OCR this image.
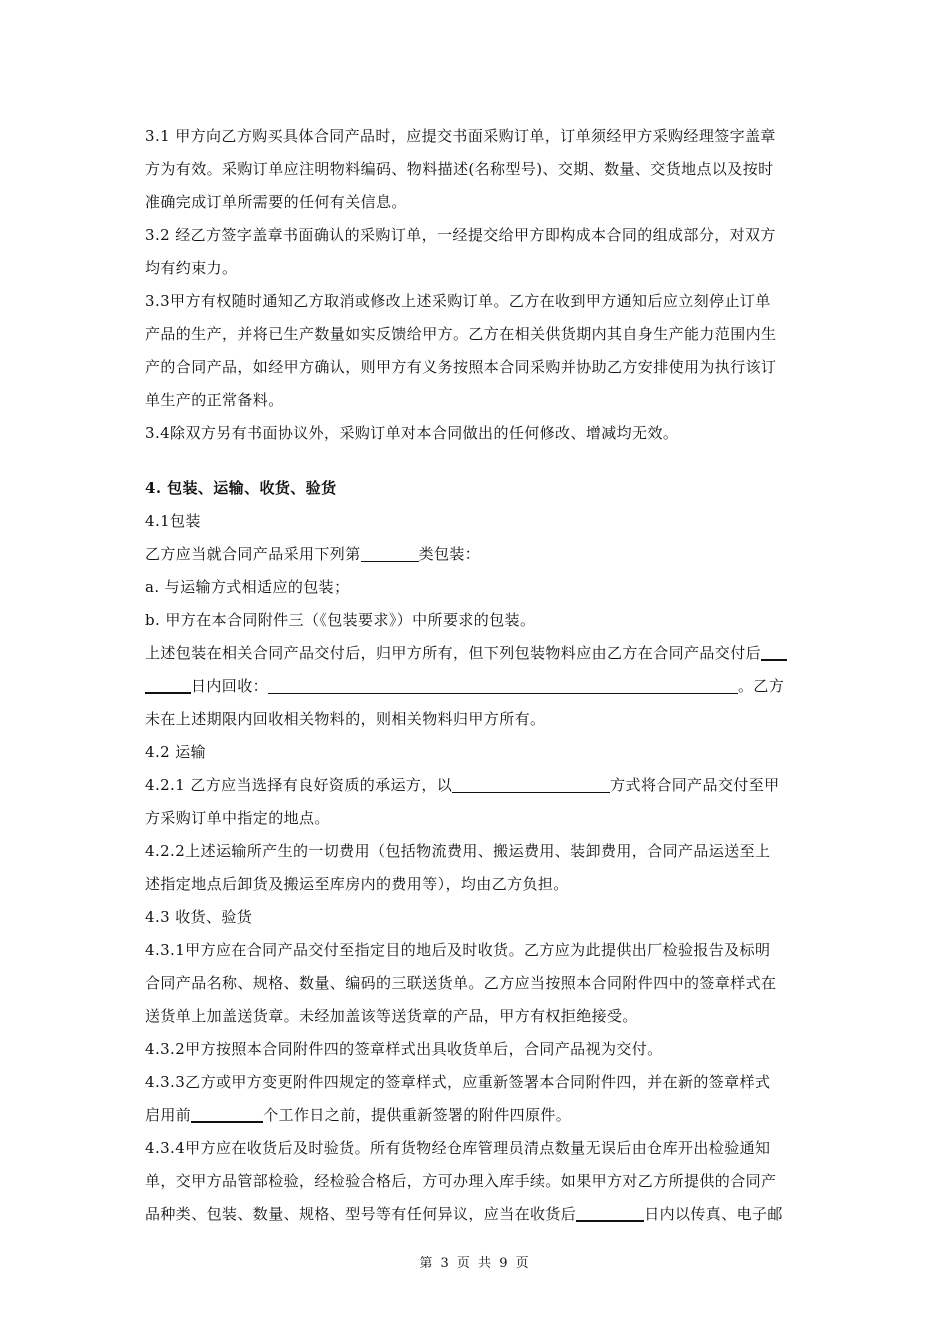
3.1 甲方向乙方购买具体合同产品时，应提交书面采购订单，订单须经甲方采购经理签字盖章
方为有效。采购订单应注明物料编码、物料描述(名称型号)、交期、数量、交货地点以及按时
准确完成订单所需要的任何有关信息。
3.2 经乙方签字盖章书面确认的采购订单，一经提交给甲方即构成本合同的组成部分，对双方
均有约束力。
3.3甲方有权随时通知乙方取消或修改上述采购订单。乙方在收到甲方通知后应立刻停止订单
产品的生产，并将已生产数量如实反馈给甲方。乙方在相关供货期内其自身生产能力范围内生
产的合同产品，如经甲方确认，则甲方有义务按照本合同采购并协助乙方安排使用为执行该订
单生产的正常备料。
3.4除双方另有书面协议外，采购订单对本合同做出的任何修改、增减均无效。
4. 包装、运输、收货、验货
4.1包装
乙方应当就合同产品采用下列第	类包装：
a. 与运输方式相适应的包装；
b. 甲方在本合同附件三（《包装要求》）中所要求的包装。
上述包装在相关合同产品交付后，归甲方所有，但下列包装物料应由乙方在合同产品交付后
日内回收：	。乙方
未在上述期限内回收相关物料的，则相关物料归甲方所有。
4.2 运输
4.2.1 乙方应当选择有良好资质的承运方，以	方式将合同产品交付至甲
方采购订单中指定的地点。
4.2.2上述运输所产生的一切费用（包括物流费用、搬运费用、装卸费用，合同产品运送至上
述指定地点后卸货及搬运至库房内的费用等），均由乙方负担。
4.3 收货、验货
4.3.1甲方应在合同产品交付至指定目的地后及时收货。乙方应为此提供出厂检验报告及标明
合同产品名称、规格、数量、编码的三联送货单。乙方应当按照本合同附件四中的签章样式在
送货单上加盖送货章。未经加盖该等送货章的产品，甲方有权拒绝接受。
4.3.2甲方按照本合同附件四的签章样式出具收货单后，合同产品视为交付。
4.3.3乙方或甲方变更附件四规定的签章样式，应重新签署本合同附件四，并在新的签章样式
启用前	个工作日之前，提供重新签署的附件四原件。
4.3.4甲方应在收货后及时验货。所有货物经仓库管理员清点数量无误后由仓库开出检验通知
单，交甲方品管部检验，经检验合格后，方可办理入库手续。如果甲方对乙方所提供的合同产
品种类、包装、数量、规格、型号等有任何异议，应当在收货后	日内以传真、电子邮
第 3 页 共 9 页
